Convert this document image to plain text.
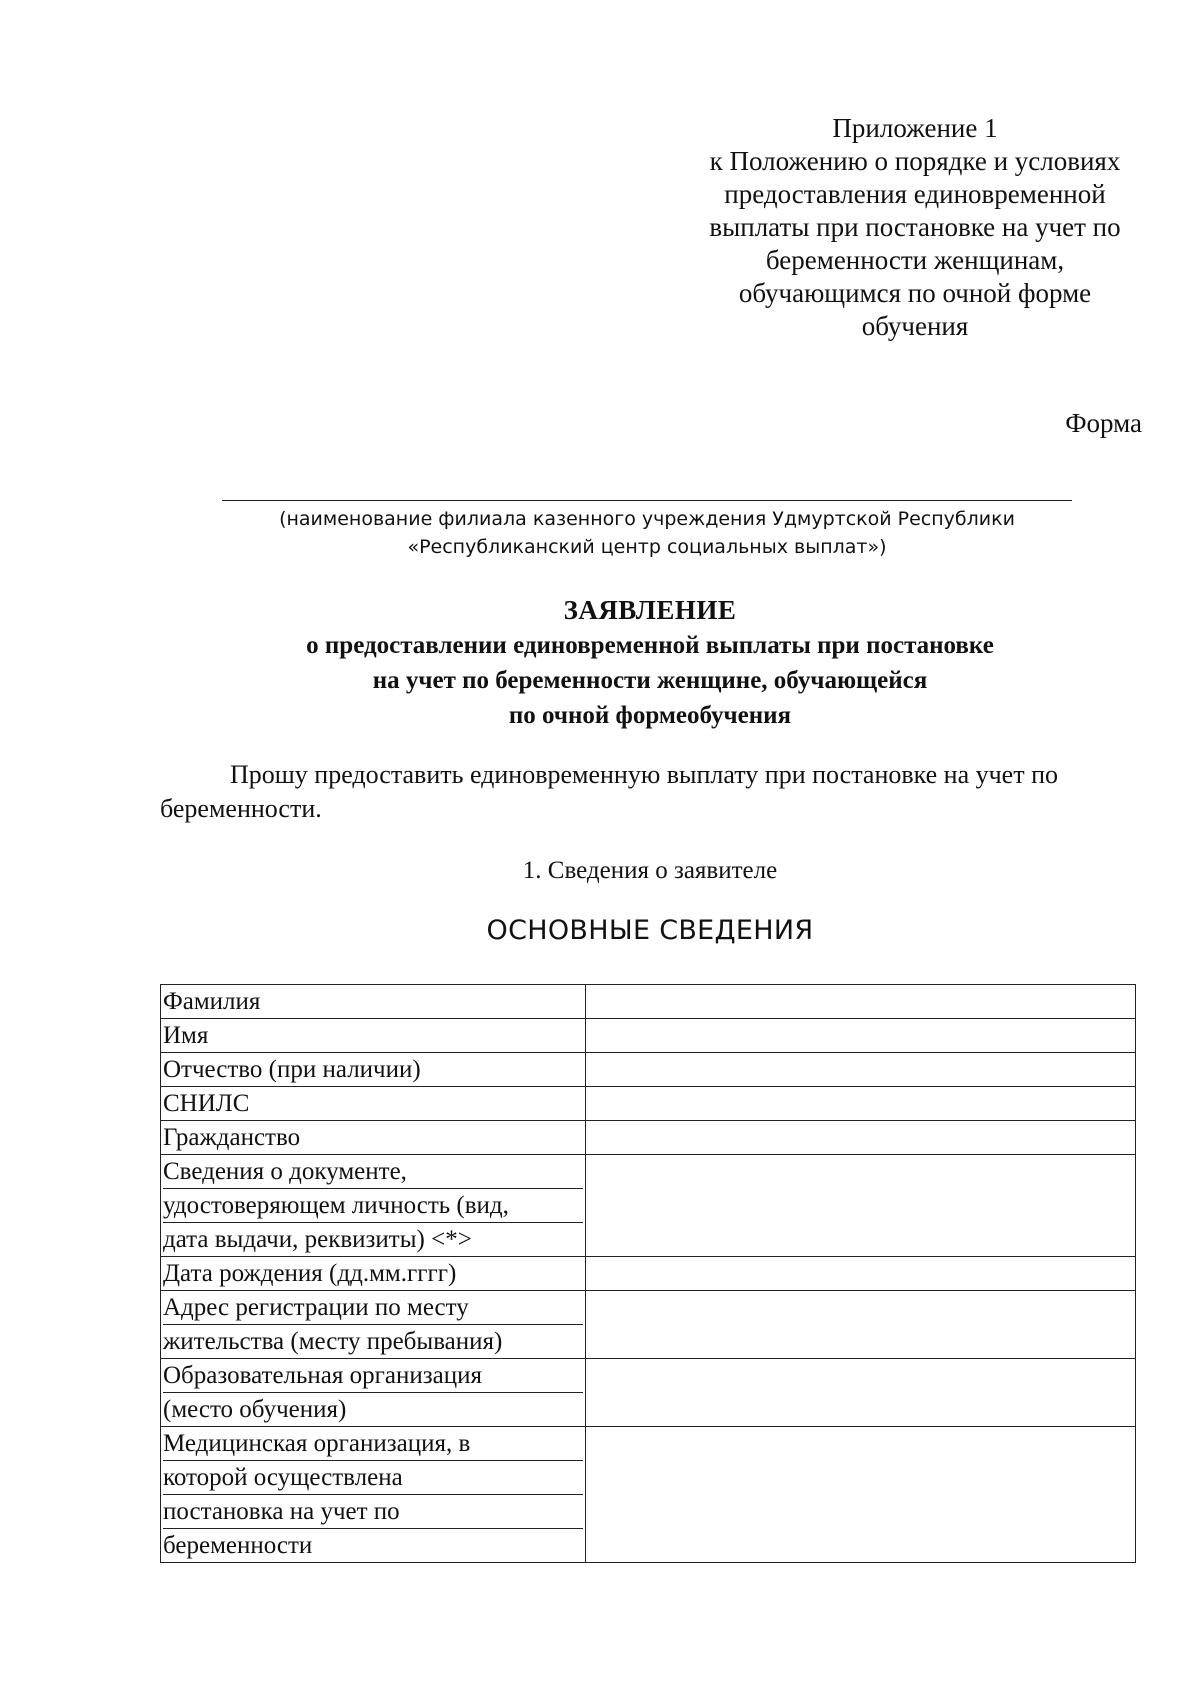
Приложение 1
к Положению о порядке и условиях
предоставления единовременной
выплаты при постановке на учет по
беременности женщинам,
обучающимся по очной форме
обучения
Форма
(наименование филиала казенного учреждения Удмуртской Республики
«Республиканский центр социальных выплат»)
ЗАЯВЛЕНИЕ
о предоставлении единовременной выплаты при постановке
на учет по беременности женщине, обучающейся
по очной формеобучения
Прошу предоставить единовременную выплату при постановке на учет по беременности.
1. Сведения о заявителе
ОСНОВНЫЕ СВЕДЕНИЯ
Фамилия	

Имя	

Отчество (при наличии)	

СНИЛС	

Гражданство	

Сведения о документе,
удостоверяющем личность (вид,
дата выдачи, реквизиты) <*>	

Дата рождения (дд.мм.гггг)	

Адрес регистрации по месту
жительства (месту пребывания)	

Образовательная организация
(место обучения)	

Медицинская организация, в
которой осуществлена
постановка на учет по
беременности	
